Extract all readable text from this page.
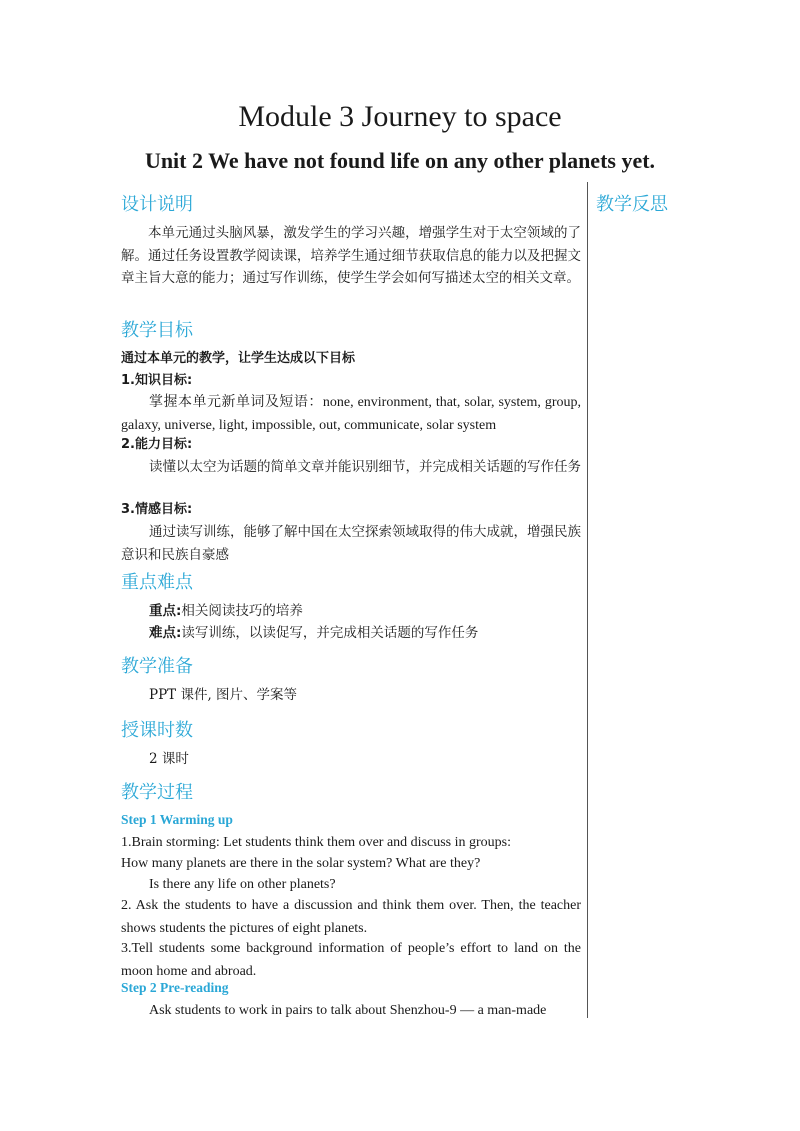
Module 3 Journey to space
Unit 2 We have not found life on any other planets yet.
教学反思
设计说明
本单元通过头脑风暴，激发学生的学习兴趣，增强学生对于太空领域的了解。通过任务设置教学阅读课，培养学生通过细节获取信息的能力以及把握文章主旨大意的能力；通过写作训练，使学生学会如何写描述太空的相关文章。
教学目标
通过本单元的教学，让学生达成以下目标
1.知识目标:
掌握本单元新单词及短语：none, environment, that, solar, system, group, galaxy, universe, light, impossible, out, communicate, solar system
2.能力目标:
读懂以太空为话题的简单文章并能识别细节，并完成相关话题的写作任务
3.情感目标:
通过读写训练，能够了解中国在太空探索领域取得的伟大成就，增强民族意识和民族自豪感
重点难点
重点:相关阅读技巧的培养
难点:读写训练，以读促写，并完成相关话题的写作任务
教学准备
PPT 课件, 图片、学案等
授课时数
2 课时
教学过程
Step 1 Warming up
1.Brain storming: Let students think them over and discuss in groups:
How many planets are there in the solar system? What are they?
Is there any life on other planets?
2. Ask the students to have a discussion and think them over. Then, the teacher shows students the pictures of eight planets.
3.Tell students some background information of people’s effort to land on the moon home and abroad.
Step 2 Pre-reading
Ask students to work in pairs to talk about Shenzhou-9 — a man-made
